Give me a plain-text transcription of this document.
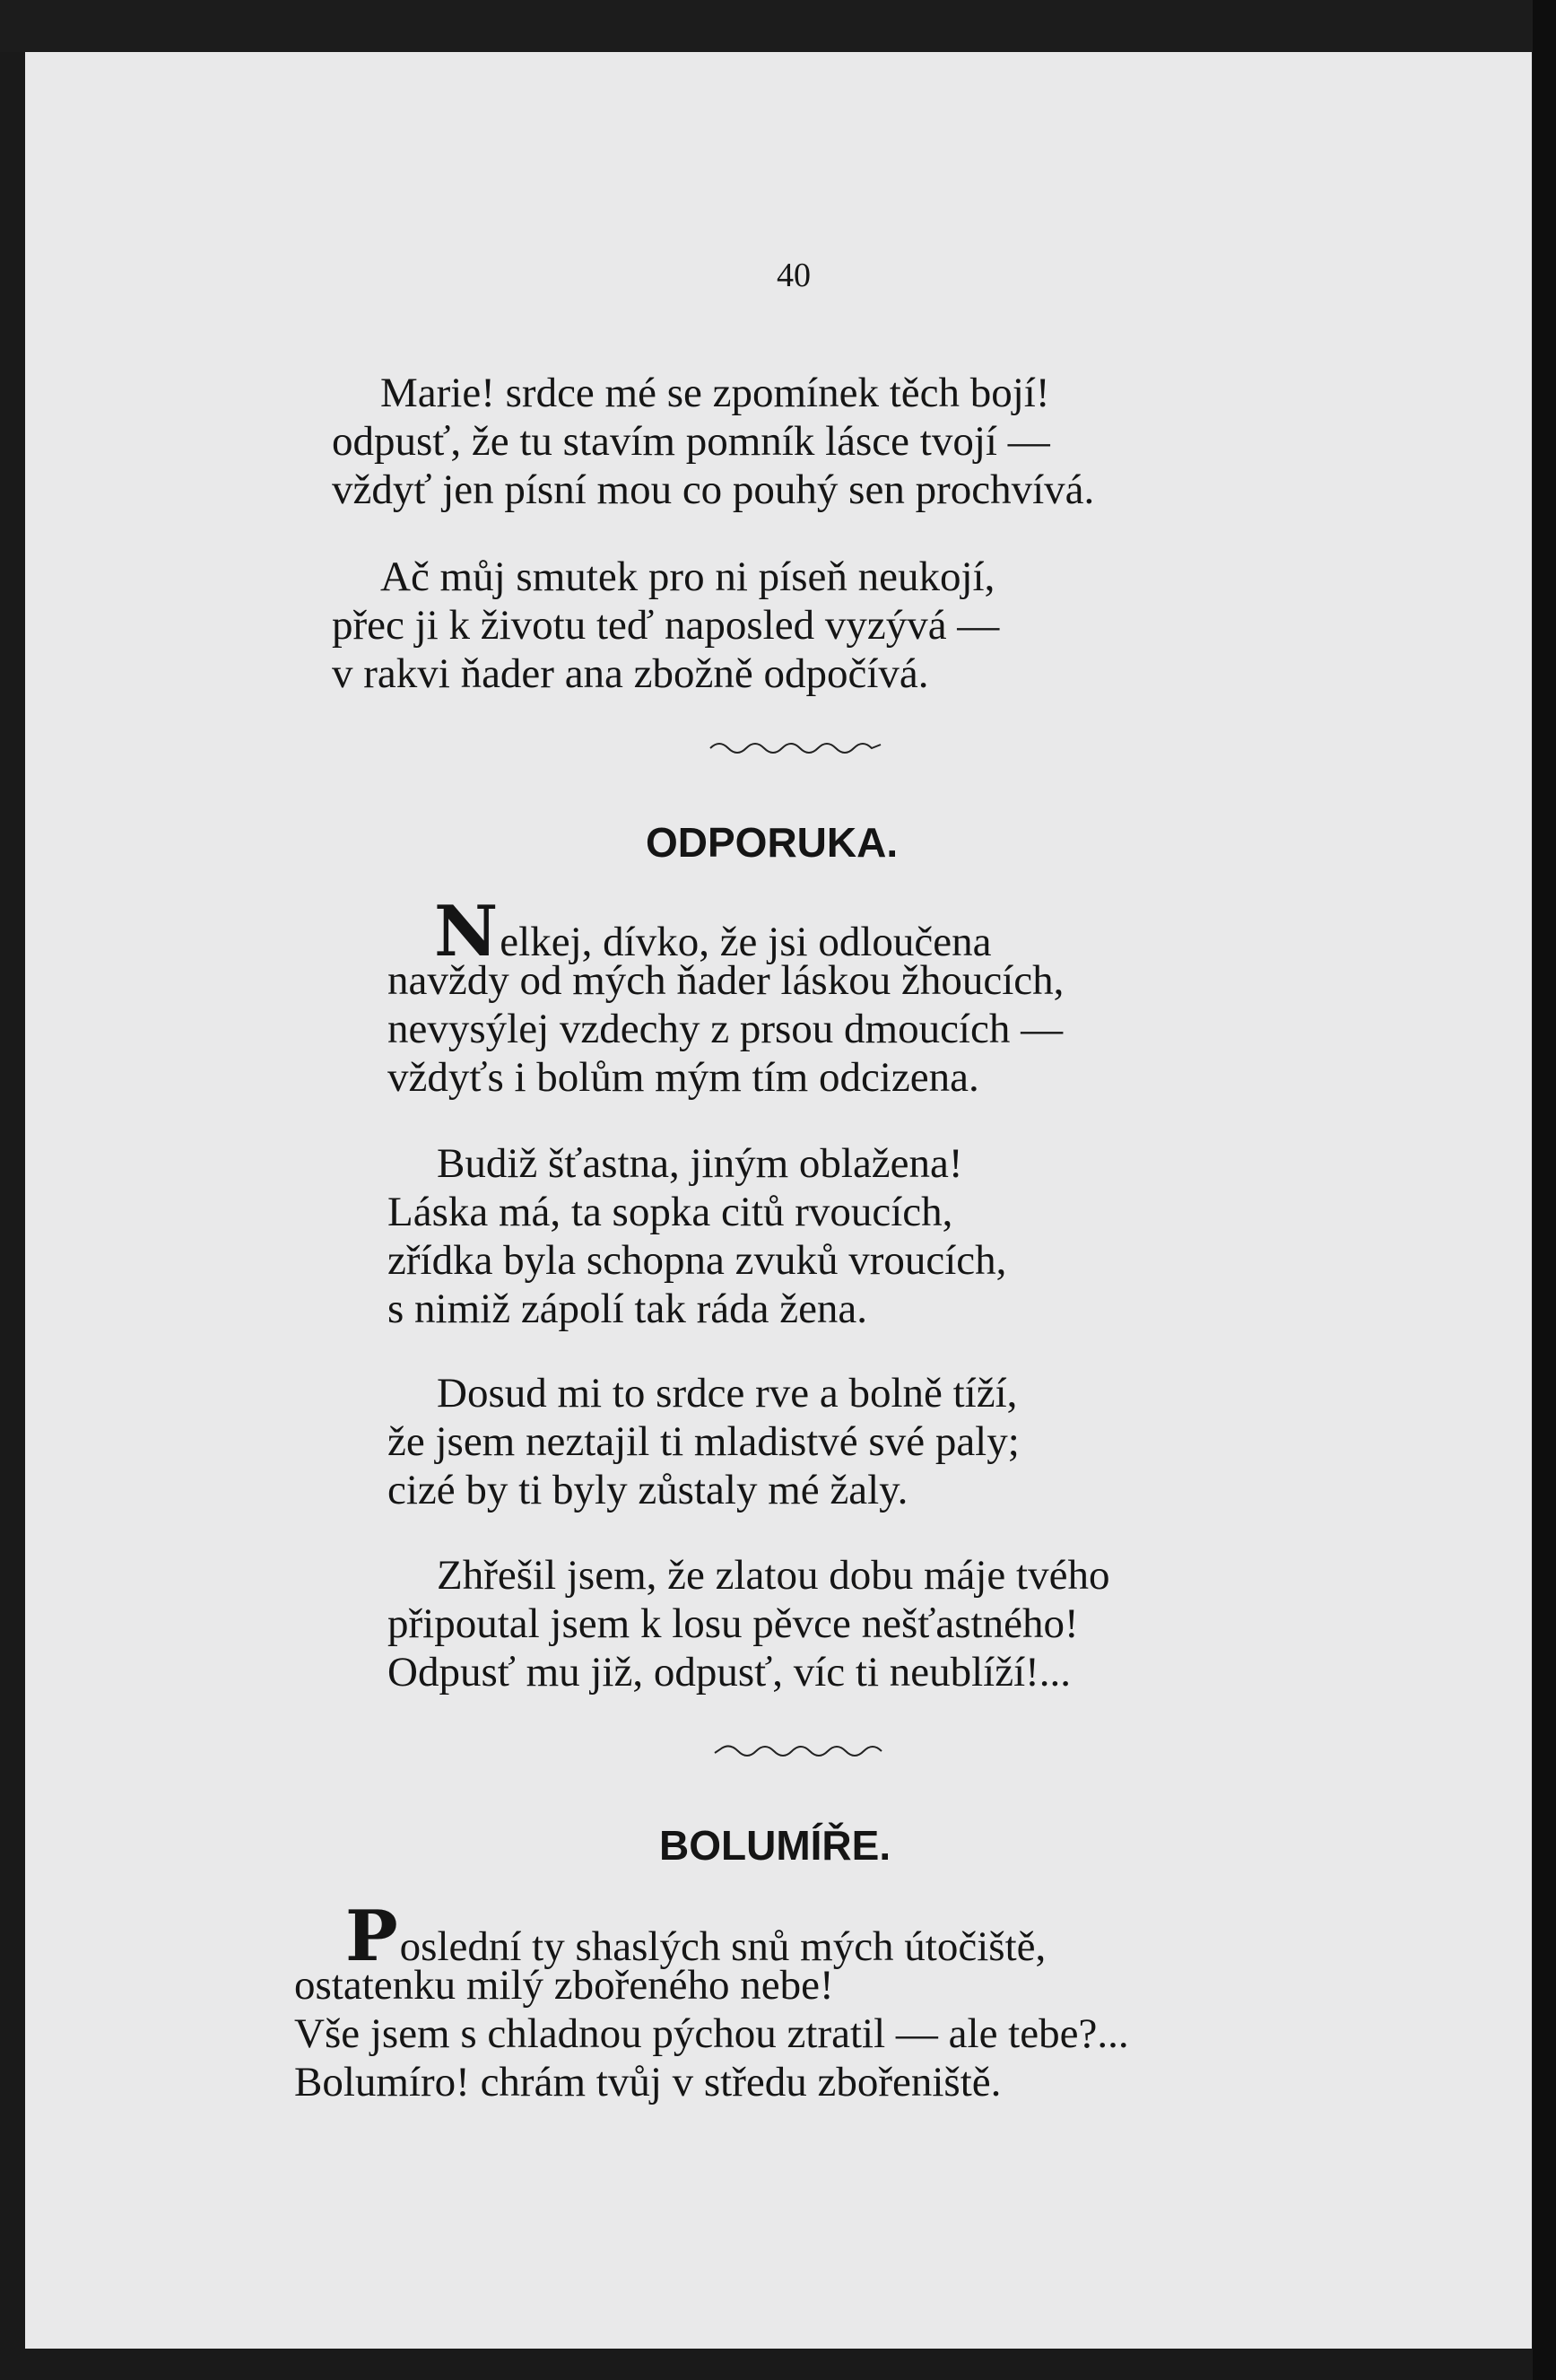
40
Marie! srdce mé se zpomínek těch bojí!
odpusť, že tu stavím pomník lásce tvojí —
vždyť jen písní mou co pouhý sen prochvívá.
Ač můj smutek pro ni píseň neukojí,
přec ji k životu teď naposled vyzývá —
v rakvi ňader ana zbožně odpočívá.
ODPORUKA.
Nelkej, dívko, že jsi odloučena
navždy od mých ňader láskou žhoucích,
nevysýlej vzdechy z prsou dmoucích —
vždyťs i bolům mým tím odcizena.
Budiž šťastna, jiným oblažena!
Láska má, ta sopka citů rvoucích,
zřídka byla schopna zvuků vroucích,
s nimiž zápolí tak ráda žena.
Dosud mi to srdce rve a bolně tíží,
že jsem neztajil ti mladistvé své paly;
cizé by ti byly zůstaly mé žaly.
Zhřešil jsem, že zlatou dobu máje tvého
připoutal jsem k losu pěvce nešťastného!
Odpusť mu již, odpusť, víc ti neublíží!...
BOLUMÍŘE.
Poslední ty shaslých snů mých útočiště,
ostatenku milý zbořeného nebe!
Vše jsem s chladnou pýchou ztratil — ale tebe?...
Bolumíro! chrám tvůj v středu zbořeniště.
